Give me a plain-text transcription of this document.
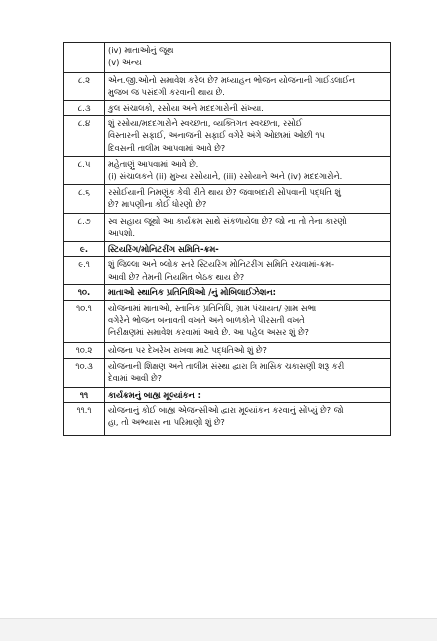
	(iv) માતાઓનું જૂથ
(v) અન્ય

૮.૨	એન.જી.ઓનો સમાવેશ કરેલ છે? મધ્યાહન ભોજન યોજનાની ગાઈડલાઈન
મુજબ જ પસંદગી કરવાની થાય છે.

૮.૩	કુલ સંચાલકો, રસોયા અને મદદગારોની સંખ્યા.

૮.૪	શું રસોયા/મદદગારોને સ્વચ્છતા, વ્યક્તિગત સ્વચ્છતા, રસોઈ
વિસ્તારની સફાઈ, અનાજની સફાઈ વગેરે અંગે ઓછામાં ઓછી ૧૫
દિવસની તાલીમ આપવામાં આવે છે?

૮.૫	મહેતાણું આપવામાં આવે છે.
(i) સંચાલકને (ii) મુખ્ય રસોયાને, (iii) રસોયાને અને (iv) મદદગારોને.

૮.૬	રસોઈયાની નિમણૂંક કેવી રીતે થાય છે? જવાબદારી સોંપવાની પદ્ધતિ શું
છે? માપણીના કોઈ ધોરણો છે?

૮.૭	સ્વ સહાય જૂથો આ કાર્યક્રમ સાથે સંકળાયેલા છે? જો ના તો તેના કારણો
આપશો.

૯.	સ્ટિયરિંગ/મોનિટરીંગ સમિતિ-ક્રમ-

૯.૧	શું જિલ્લા અને બ્લોક સ્તરે સ્ટિયરિંગ મોનિટરીંગ સમિતિ રચવામાં-ક્રમ-
આવી છે? તેમની નિયમિત બેઠક થાય છે?

૧૦.	માતાઓ સ્થાનિક પ્રતિનિધિઓ /નું મોબિલાઈઝેશન:

૧૦.૧	યોજનામાં માતાઓ, સ્તાનિક પ્રતિનિધિ, ગ્રામ પંચાયત/ ગ્રામ સભા
વગેરેને ભોજન બનાવતી વખતે અને બાળકોને પીરસતી વખતે
નિરીક્ષણમાં સમાવેશ કરવામાં આવે છે. આ પહેલ અસર શું છે?

૧૦.૨	યોજના પર દેખરેખ રાખવા માટે પદ્ધતિઓ શું છે?

૧૦.૩	યોજનાની શિક્ષણ અને તાલીમ સંસ્થા દ્વારા ત્રિ માસિક ચકાસણી શરૂ કરી
દેવામાં આવી છે?

૧૧	કાર્યક્રમનું બાહ્ય મૂલ્યાંકન :

૧૧.૧	યોજનાનું કોઈ બાહ્ય એજન્સીઓ દ્વારા મૂલ્યાંકન કરવાનું સોંપ્યું છે? જો
હા, તો અભ્યાસ ના પરિમાણો શું છે?
